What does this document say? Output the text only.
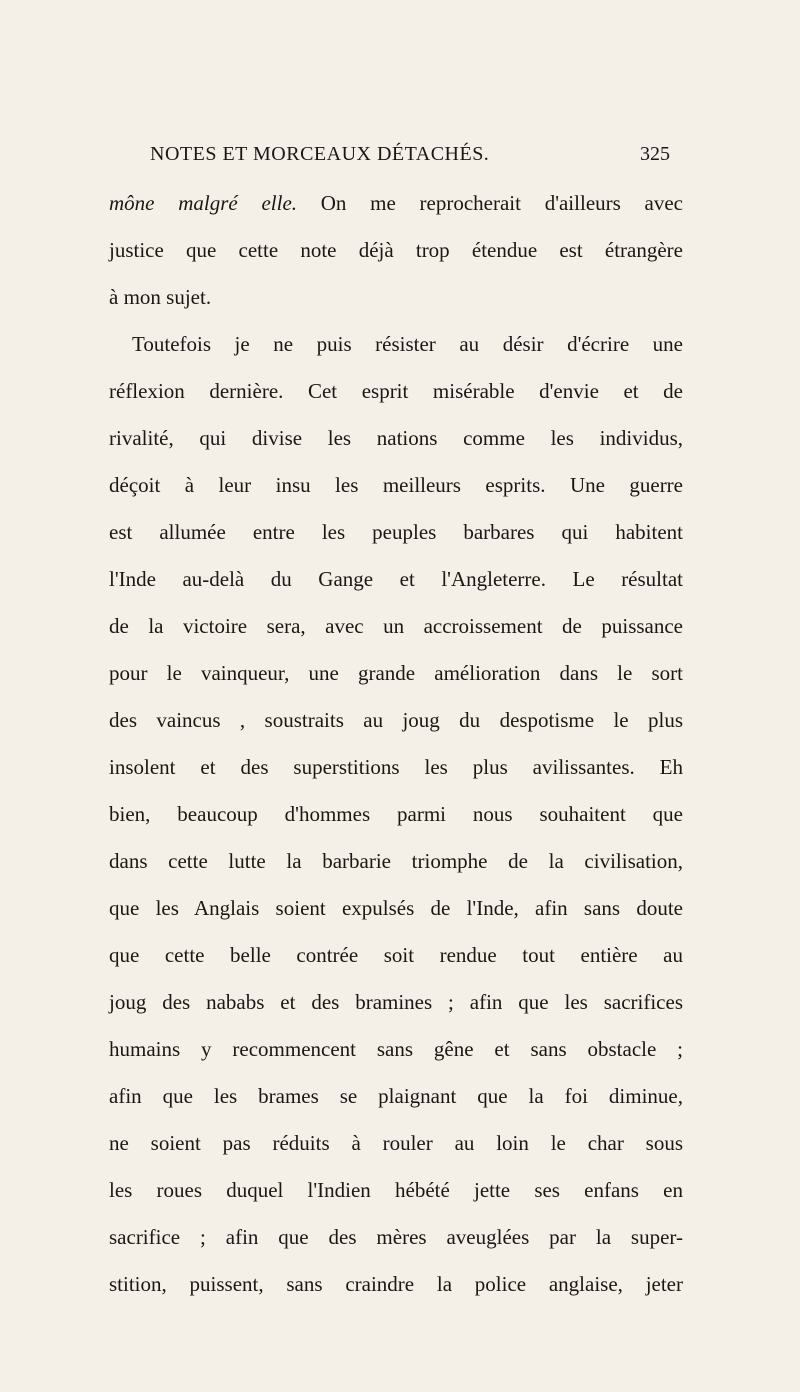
NOTES ET MORCEAUX DÉTACHÉS.	325
mône malgré elle. On me reprocherait d'ailleurs avec
justice que cette note déjà trop étendue est étrangère
à mon sujet.
Toutefois je ne puis résister au désir d'écrire une
réflexion dernière. Cet esprit misérable d'envie et de
rivalité, qui divise les nations comme les individus,
déçoit à leur insu les meilleurs esprits. Une guerre
est allumée entre les peuples barbares qui habitent
l'Inde au-delà du Gange et l'Angleterre. Le résultat
de la victoire sera, avec un accroissement de puissance
pour le vainqueur, une grande amélioration dans le sort
des vaincus , soustraits au joug du despotisme le plus
insolent et des superstitions les plus avilissantes. Eh
bien, beaucoup d'hommes parmi nous souhaitent que
dans cette lutte la barbarie triomphe de la civilisation,
que les Anglais soient expulsés de l'Inde, afin sans doute
que cette belle contrée soit rendue tout entière au
joug des nababs et des bramines ; afin que les sacrifices
humains y recommencent sans gêne et sans obstacle ;
afin que les brames se plaignant que la foi diminue,
ne soient pas réduits à rouler au loin le char sous
les roues duquel l'Indien hébété jette ses enfans en
sacrifice ; afin que des mères aveuglées par la super-
stition, puissent, sans craindre la police anglaise, jeter
